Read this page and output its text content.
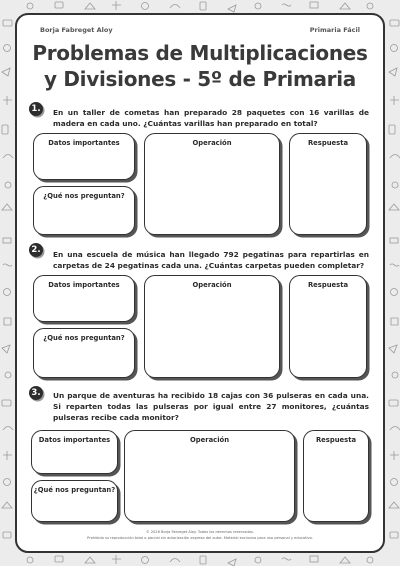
Borja Fabreget Aloy	Primaria Fácil
Problemas de Multiplicaciones
y Divisiones - 5º de Primaria
1.	En un taller de cometas han preparado 28 paquetes con 16 varillas de madera en cada uno. ¿Cuántas varillas han preparado en total?
Datos importantes
¿Qué nos preguntan?
Operación	Respuesta
2.	En una escuela de música han llegado 792 pegatinas para repartirlas en carpetas de 24 pegatinas cada una. ¿Cuántas carpetas pueden completar?
Datos importantes
¿Qué nos preguntan?
Operación	Respuesta
3.	Un parque de aventuras ha recibido 18 cajas con 36 pulseras en cada una. Si reparten todas las pulseras por igual entre 27 monitores, ¿cuántas pulseras recibe cada monitor?
Datos importantes
¿Qué nos preguntan?
Operación	Respuesta
© 2026 Borja Fabreget Aloy. Todos los derechos reservados.
Prohibida su reproducción total o parcial sin autorización expresa del autor. Material exclusivo para uso personal y educativo.
